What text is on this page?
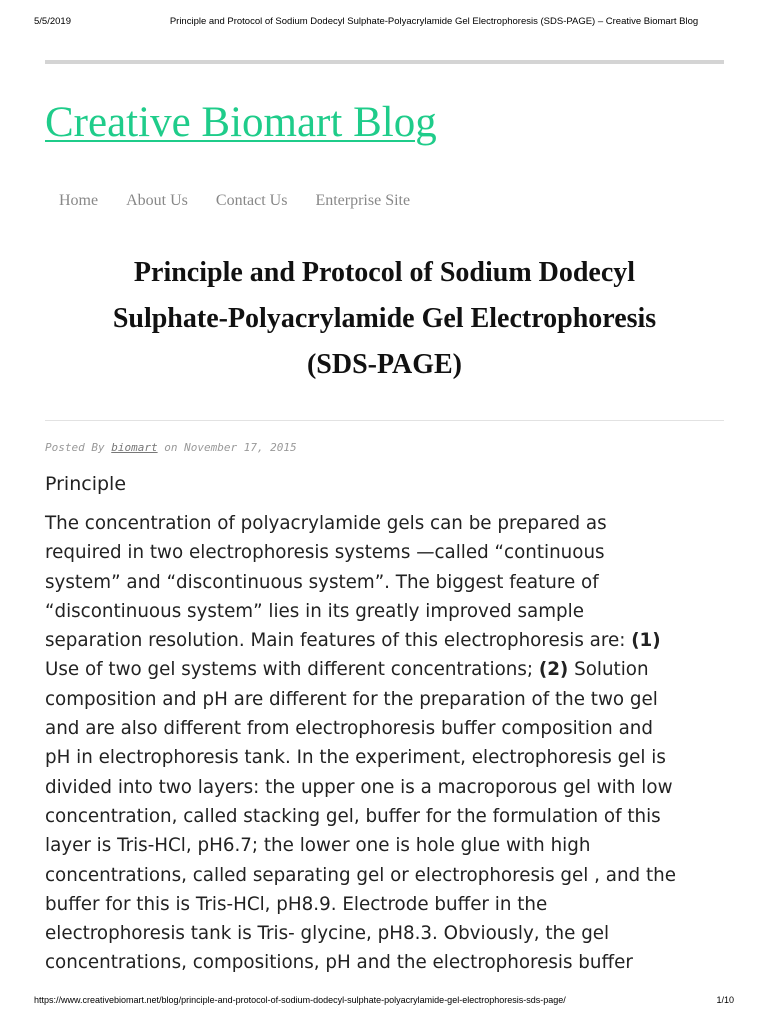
5/5/2019	Principle and Protocol of Sodium Dodecyl Sulphate-Polyacrylamide Gel Electrophoresis (SDS-PAGE) – Creative Biomart Blog
Creative Biomart Blog
Home About Us Contact Us Enterprise Site
Principle and Protocol of Sodium Dodecyl
Sulphate-Polyacrylamide Gel Electrophoresis
(SDS-PAGE)
Posted By biomart on November 17, 2015
Principle
The concentration of polyacrylamide gels can be prepared as
required in two electrophoresis systems —called “continuous
system” and “discontinuous system”. The biggest feature of
“discontinuous system” lies in its greatly improved sample
separation resolution. Main features of this electrophoresis are: (1)
Use of two gel systems with different concentrations; (2) Solution
composition and pH are different for the preparation of the two gel
and are also different from electrophoresis buffer composition and
pH in electrophoresis tank. In the experiment, electrophoresis gel is
divided into two layers: the upper one is a macroporous gel with low
concentration, called stacking gel, buffer for the formulation of this
layer is Tris-HCl, pH6.7; the lower one is hole glue with high
concentrations, called separating gel or electrophoresis gel , and the
buffer for this is Tris-HCl, pH8.9. Electrode buffer in the
electrophoresis tank is Tris- glycine, pH8.3. Obviously, the gel
concentrations, compositions, pH and the electrophoresis buffer
https://www.creativebiomart.net/blog/principle-and-protocol-of-sodium-dodecyl-sulphate-polyacrylamide-gel-electrophoresis-sds-page/	1/10
